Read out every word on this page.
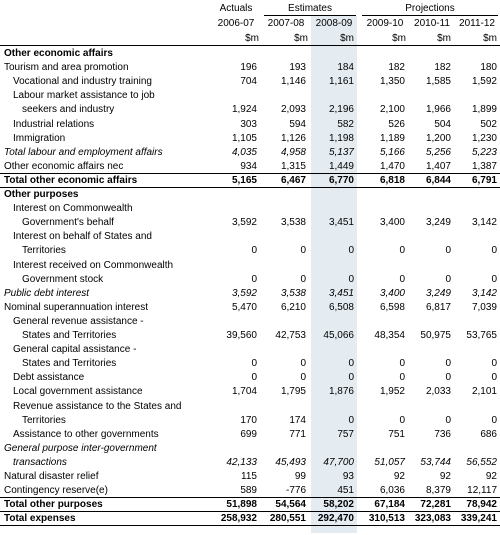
Actuals	Estimates	Projections
2006-07	2007-08	2008-09	2009-10	2010-11 2011-12
$m	$m	$m	$m	$m	$m
Other economic affairs
Tourism and area promotion	196	193	184	182	182	180
Vocational and industry training	704	1,146	1,161	1,350	1,585	1,592
Labour market assistance to job
seekers and industry	1,924	2,093	2,196	2,100	1,966	1,899
Industrial relations	303	594	582	526	504	502
Immigration	1,105	1,126	1,198	1,189	1,200	1,230
Total labour and employment affairs	4,035	4,958	5,137	5,166	5,256	5,223
Other economic affairs nec	934	1,315	1,449	1,470	1,407	1,387
Total other economic affairs	5,165	6,467	6,770	6,818	6,844	6,791
Other purposes
Interest on Commonwealth
Government's behalf	3,592	3,538	3,451	3,400	3,249	3,142
Interest on behalf of States and
Territories	0	0	0	0	0	0
Interest received on Commonwealth
Government stock	0	0	0	0	0	0
Public debt interest	3,592	3,538	3,451	3,400	3,249	3,142
Nominal superannuation interest	5,470	6,210	6,508	6,598	6,817	7,039
General revenue assistance -
States and Territories	39,560	42,753	45,066	48,354	50,975	53,765
General capital assistance -
States and Territories	0	0	0	0	0	0
Debt assistance	0	0	0	0	0	0
Local government assistance	1,704	1,795	1,876	1,952	2,033	2,101
Revenue assistance to the States and
Territories	170	174	0	0	0	0
Assistance to other governments	699	771	757	751	736	686
General purpose inter-government
transactions	42,133	45,493	47,700	51,057	53,744	56,552
Natural disaster relief	115	99	93	92	92	92
Contingency reserve(e)	589	-776	451	6,036	8,379	12,117
Total other purposes	51,898	54,564	58,202	67,184	72,281	78,942
Total expenses	258,932	280,551	292,470	310,513 323,083 339,241
